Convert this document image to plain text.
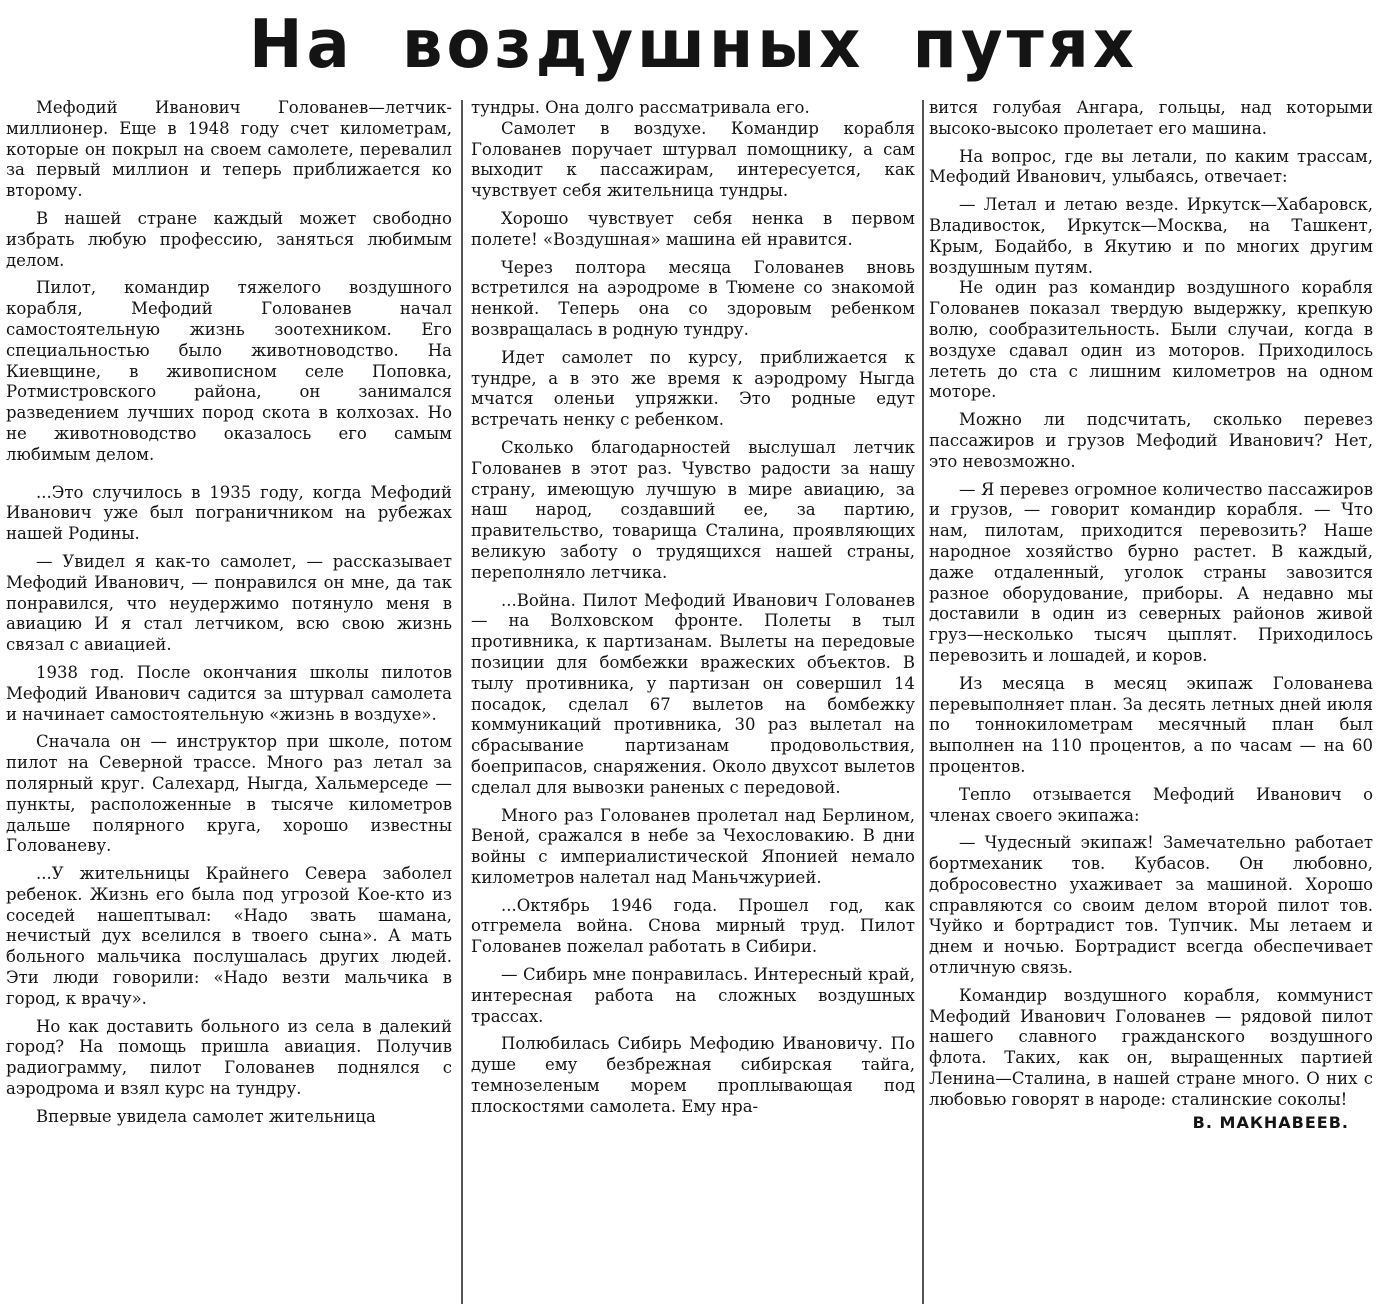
На воздушных путях

Мефодий Иванович Голованев—летчик-миллионер. Еще в 1948 году счет километрам, которые он покрыл на своем самолете, перевалил за первый миллион и теперь приближается ко второму.

В нашей стране каждый может свободно избрать любую профессию, заняться любимым делом.

Пилот, командир тяжелого воздушного корабля, Мефодий Голованев начал самостоятельную жизнь зоотехником. Его специальностью было животноводство. На Киевщине, в живописном селе Поповка, Ротмистровского района, он занимался разведением лучших пород скота в колхозах. Но не животноводство оказалось его самым любимым делом.

...Это случилось в 1935 году, когда Мефодий Иванович уже был пограничником на рубежах нашей Родины.

— Увидел я как-то самолет, — рассказывает Мефодий Иванович, — понравился он мне, да так понравился, что неудержимо потянуло меня в авиацию И я стал летчиком, всю свою жизнь связал с авиацией.

1938 год. После окончания школы пилотов Мефодий Иванович садится за штурвал самолета и начинает самостоятельную «жизнь в воздухе».

Сначала он — инструктор при школе, потом пилот на Северной трассе. Много раз летал за полярный круг. Салехард, Ныгда, Хальмерседе — пункты, расположенные в тысяче километров дальше полярного круга, хорошо известны Голованеву.

...У жительницы Крайнего Севера заболел ребенок. Жизнь его была под угрозой Кое-кто из соседей нашептывал: «Надо звать шамана, нечистый дух вселился в твоего сына». А мать больного мальчика послушалась других людей. Эти люди говорили: «Надо везти мальчика в город, к врачу».

Но как доставить больного из села в далекий город? На помощь пришла авиация. Получив радиограмму, пилот Голованев поднялся с аэродрома и взял курс на тундру.

Впервые увидела самолет жительница

тундры. Она долго рассматривала его.

Самолет в воздухе. Командир корабля Голованев поручает штурвал помощнику, а сам выходит к пассажирам, интересуется, как чувствует себя жительница тундры.

Хорошо чувствует себя ненка в первом полете! «Воздушная» машина ей нравится.

Через полтора месяца Голованев вновь встретился на аэродроме в Тюмене со знакомой ненкой. Теперь она со здоровым ребенком возвращалась в родную тундру.

Идет самолет по курсу, приближается к тундре, а в это же время к аэродрому Ныгда мчатся оленьи упряжки. Это родные едут встречать ненку с ребенком.

Сколько благодарностей выслушал летчик Голованев в этот раз. Чувство радости за нашу страну, имеющую лучшую в мире авиацию, за наш народ, создавший ее, за партию, правительство, товарища Сталина, проявляющих великую заботу о трудящихся нашей страны, переполняло летчика.

...Война. Пилот Мефодий Иванович Голованев — на Волховском фронте. Полеты в тыл противника, к партизанам. Вылеты на передовые позиции для бомбежки вражеских объектов. В тылу противника, у партизан он совершил 14 посадок, сделал 67 вылетов на бомбежку коммуникаций противника, 30 раз вылетал на сбрасывание партизанам продовольствия, боеприпасов, снаряжения. Около двухсот вылетов сделал для вывозки раненых с передовой.

Много раз Голованев пролетал над Берлином, Веной, сражался в небе за Чехословакию. В дни войны с империалистической Японией немало километров налетал над Маньчжурией.

...Октябрь 1946 года. Прошел год, как отгремела война. Снова мирный труд. Пилот Голованев пожелал работать в Сибири.

— Сибирь мне понравилась. Интересный край, интересная работа на сложных воздушных трассах.

Полюбилась Сибирь Мефодию Ивановичу. По душе ему безбрежная сибирская тайга, темнозеленым морем проплывающая под плоскостями самолета. Ему нра-

вится голубая Ангара, гольцы, над которыми высоко-высоко пролетает его машина.

На вопрос, где вы летали, по каким трассам, Мефодий Иванович, улыбаясь, отвечает:

— Летал и летаю везде. Иркутск—Хабаровск, Владивосток, Иркутск—Москва, на Ташкент, Крым, Бодайбо, в Якутию и по многих другим воздушным путям.

Не один раз командир воздушного корабля Голованев показал твердую выдержку, крепкую волю, сообразительность. Были случаи, когда в воздухе сдавал один из моторов. Приходилось лететь до ста с лишним километров на одном моторе.

Можно ли подсчитать, сколько перевез пассажиров и грузов Мефодий Иванович? Нет, это невозможно.

— Я перевез огромное количество пассажиров и грузов, — говорит командир корабля. — Что нам, пилотам, приходится перевозить? Наше народное хозяйство бурно растет. В каждый, даже отдаленный, уголок страны завозится разное оборудование, приборы. А недавно мы доставили в один из северных районов живой груз—несколько тысяч цыплят. Приходилось перевозить и лошадей, и коров.

Из месяца в месяц экипаж Голованева перевыполняет план. За десять летных дней июля по тоннокилометрам месячный план был выполнен на 110 процентов, а по часам — на 60 процентов.

Тепло отзывается Мефодий Иванович о членах своего экипажа:

— Чудесный экипаж! Замечательно работает бортмеханик тов. Кубасов. Он любовно, добросовестно ухаживает за машиной. Хорошо справляются со своим делом второй пилот тов. Чуйко и бортрадист тов. Тупчик. Мы летаем и днем и ночью. Бортрадист всегда обеспечивает отличную связь.

Командир воздушного корабля, коммунист Мефодий Иванович Голованев — рядовой пилот нашего славного гражданского воздушного флота. Таких, как он, выращенных партией Ленина—Сталина, в нашей стране много. О них с любовью говорят в народе: сталинские соколы!

В. МАКНАВЕЕВ.
